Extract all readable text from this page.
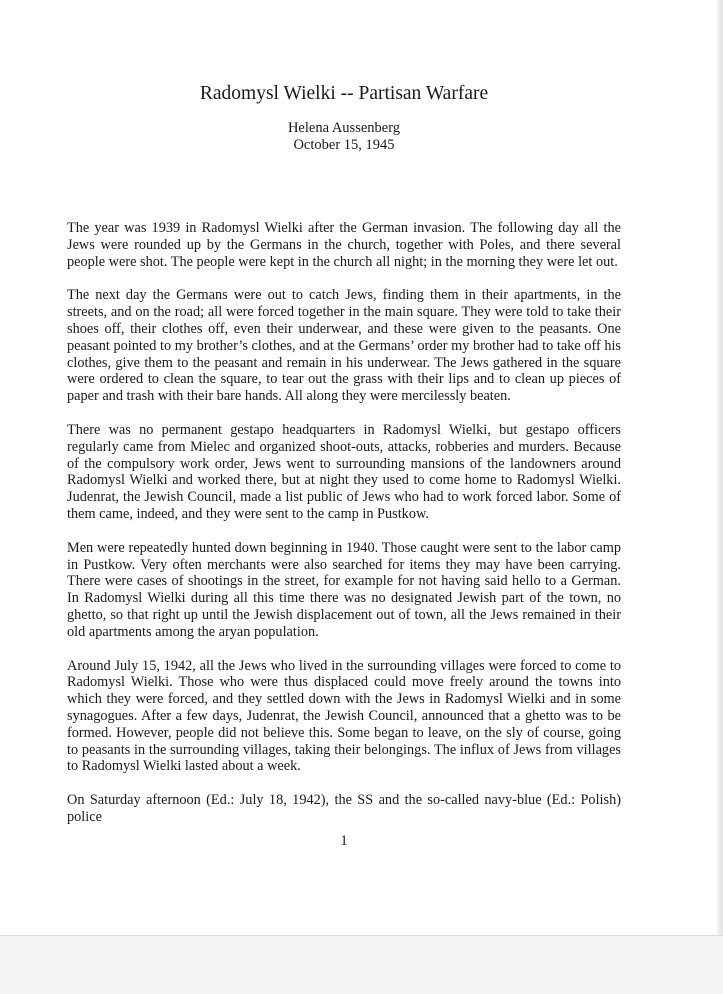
Radomysl Wielki -- Partisan Warfare
Helena Aussenberg
October 15, 1945

The year was 1939 in Radomysl Wielki after the German invasion. The following day all the Jews were rounded up by the Germans in the church, together with Poles, and there several people were shot. The people were kept in the church all night; in the morning they were let out.

The next day the Germans were out to catch Jews, finding them in their apartments, in the streets, and on the road; all were forced together in the main square. They were told to take their shoes off, their clothes off, even their underwear, and these were given to the peasants. One peasant pointed to my brother’s clothes, and at the Germans’ order my brother had to take off his clothes, give them to the peasant and remain in his underwear. The Jews gathered in the square were ordered to clean the square, to tear out the grass with their lips and to clean up pieces of paper and trash with their bare hands. All along they were mercilessly beaten.

There was no permanent gestapo headquarters in Radomysl Wielki, but gestapo officers regularly came from Mielec and organized shoot-outs, attacks, robberies and murders. Because of the compulsory work order, Jews went to surrounding mansions of the landowners around Radomysl Wielki and worked there, but at night they used to come home to Radomysl Wielki. Judenrat, the Jewish Council, made a list public of Jews who had to work forced labor. Some of them came, indeed, and they were sent to the camp in Pustkow.

Men were repeatedly hunted down beginning in 1940. Those caught were sent to the labor camp in Pustkow. Very often merchants were also searched for items they may have been carrying. There were cases of shootings in the street, for example for not having said hello to a German. In Radomysl Wielki during all this time there was no designated Jewish part of the town, no ghetto, so that right up until the Jewish displacement out of town, all the Jews remained in their old apartments among the aryan population.

Around July 15, 1942, all the Jews who lived in the surrounding villages were forced to come to Radomysl Wielki. Those who were thus displaced could move freely around the towns into which they were forced, and they settled down with the Jews in Radomysl Wielki and in some synagogues. After a few days, Judenrat, the Jewish Council, announced that a ghetto was to be formed. However, people did not believe this. Some began to leave, on the sly of course, going to peasants in the surrounding villages, taking their belongings. The influx of Jews from villages to Radomysl Wielki lasted about a week.

On Saturday afternoon (Ed.: July 18, 1942), the SS and the so-called navy-blue (Ed.: Polish) police

1
